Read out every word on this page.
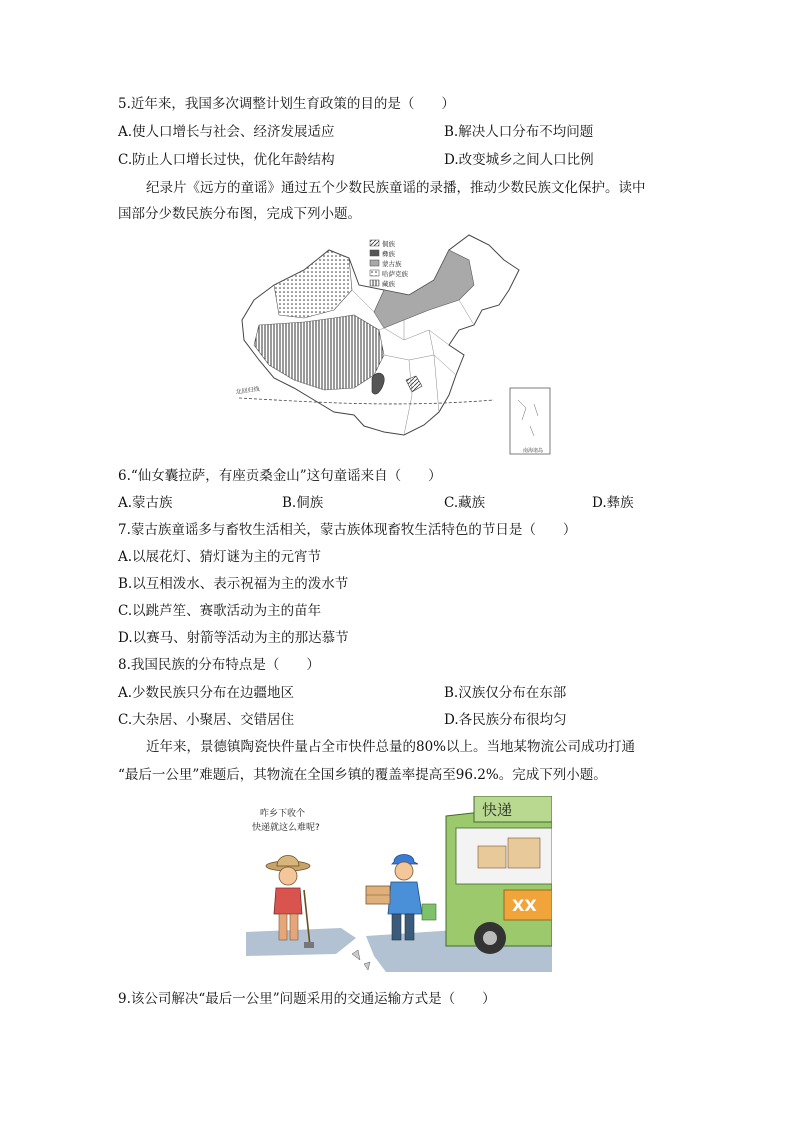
5.近年来，我国多次调整计划生育政策的目的是（　　）
A.使人口增长与社会、经济发展适应	B.解决人口分布不均问题
C.防止人口增长过快，优化年龄结构	D.改变城乡之间人口比例
纪录片《远方的童谣》通过五个少数民族童谣的录播，推动少数民族文化保护。读中
国部分少数民族分布图，完成下列小题。
北回归线
侗族
彝族
蒙古族
哈萨克族
藏族
南海诸岛
6.“仙女囊拉萨，有座贡桑金山”这句童谣来自（　　）
A.蒙古族	B.侗族	C.藏族	D.彝族
7.蒙古族童谣多与畜牧生活相关，蒙古族体现畜牧生活特色的节日是（　　）
A.以展花灯、猜灯谜为主的元宵节
B.以互相泼水、表示祝福为主的泼水节
C.以跳芦笙、赛歌活动为主的苗年
D.以赛马、射箭等活动为主的那达慕节
8.我国民族的分布特点是（　　）
A.少数民族只分布在边疆地区	B.汉族仅分布在东部
C.大杂居、小聚居、交错居住	D.各民族分布很均匀
近年来，景德镇陶瓷快件量占全市快件总量的80%以上。当地某物流公司成功打通
“最后一公里”难题后，其物流在全国乡镇的覆盖率提高至96.2%。完成下列小题。
咋乡下收个
快递就这么难呢?
快递
XX
9.该公司解决“最后一公里”问题采用的交通运输方式是（　　）
